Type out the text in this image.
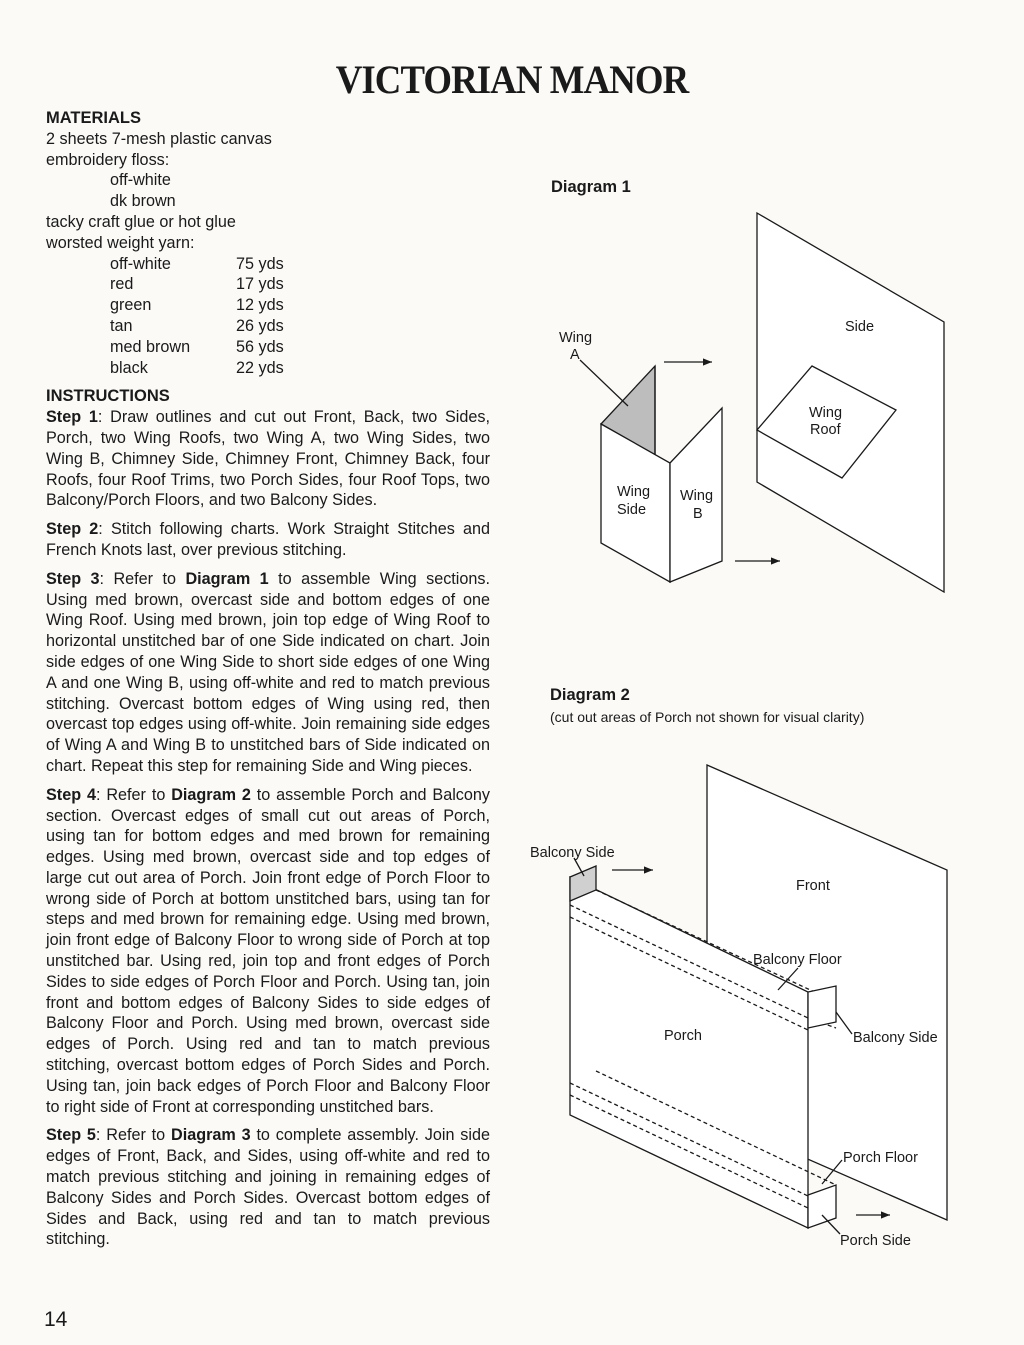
VICTORIAN MANOR
MATERIALS
2 sheets 7-mesh plastic canvas
embroidery floss:
off-white
dk brown
tacky craft glue or hot glue
worsted weight yarn:
off-white	75 yds
red	17 yds
green	12 yds
tan	26 yds
med brown	56 yds
black	22 yds
INSTRUCTIONS

Step 1: Draw outlines and cut out Front, Back, two Sides, Porch, two Wing Roofs, two Wing A, two Wing Sides, two Wing B, Chimney Side, Chimney Front, Chimney Back, four Roofs, four Roof Trims, two Porch Sides, four Roof Tops, two Balcony/Porch Floors, and two Balcony Sides.

Step 2: Stitch following charts. Work Straight Stitches and French Knots last, over previous stitching.

Step 3: Refer to Diagram 1 to assemble Wing sections. Using med brown, overcast side and bottom edges of one Wing Roof. Using med brown, join top edge of Wing Roof to horizontal unstitched bar of one Side indicated on chart. Join side edges of one Wing Side to short side edges of one Wing A and one Wing B, using off-white and red to match previous stitching. Overcast bottom edges of Wing using red, then overcast top edges using off-white. Join remaining side edges of Wing A and Wing B to unstitched bars of Side indicated on chart. Repeat this step for remaining Side and Wing pieces.

Step 4: Refer to Diagram 2 to assemble Porch and Balcony section. Overcast edges of small cut out areas of Porch, using tan for bottom edges and med brown for remaining edges. Using med brown, overcast side and top edges of large cut out area of Porch. Join front edge of Porch Floor to wrong side of Porch at bottom unstitched bars, using tan for steps and med brown for remaining edge. Using med brown, join front edge of Balcony Floor to wrong side of Porch at top unstitched bar. Using red, join top and front edges of Porch Sides to side edges of Porch Floor and Porch. Using tan, join front and bottom edges of Balcony Sides to side edges of Balcony Floor and Porch. Using med brown, overcast side edges of Porch. Using red and tan to match previous stitching, overcast bottom edges of Porch Sides and Porch. Using tan, join back edges of Porch Floor and Balcony Floor to right side of Front at corresponding unstitched bars.

Step 5: Refer to Diagram 3 to complete assembly. Join side edges of Front, Back, and Sides, using off-white and red to match previous stitching and joining in remaining edges of Balcony Sides and Porch Sides. Overcast bottom edges of Sides and Back, using red and tan to match previous stitching.

14
Diagram 1
Wing
A
Side
Wing
Roof
Wing
Side
Wing
B
Diagram 2
(cut out areas of Porch not shown for visual clarity)
Balcony Side
Front
Balcony Floor
Porch	Balcony Side
Porch Floor
Porch Side
